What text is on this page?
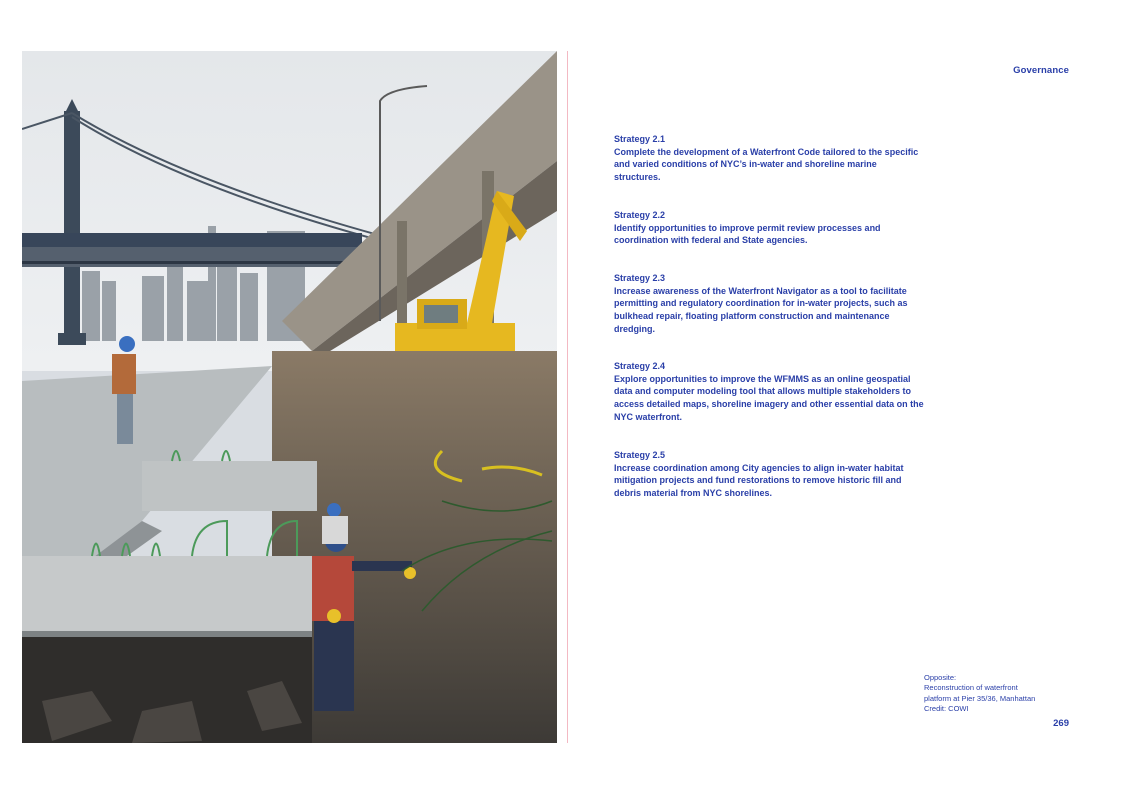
Governance

Strategy 2.1
Complete the development of a Waterfront Code tailored to the specific and varied conditions of NYC’s in-water and shoreline marine structures.

Strategy 2.2
Identify opportunities to improve permit review processes and coordination with federal and State agencies.

Strategy 2.3
Increase awareness of the Waterfront Navigator as a tool to facilitate permitting and regulatory coordination for in-water projects, such as bulkhead repair, floating platform construction and maintenance dredging.

Strategy 2.4
Explore opportunities to improve the WFMMS as an online geospatial data and computer modeling tool that allows multiple stakeholders to access detailed maps, shoreline imagery and other essential data on the NYC waterfront.

Strategy 2.5
Increase coordination among City agencies to align in-water habitat mitigation projects and fund restorations to remove historic fill and debris material from NYC shorelines.

Opposite:
Reconstruction of waterfront
platform at Pier 35/36, Manhattan
Credit: COWI
269
